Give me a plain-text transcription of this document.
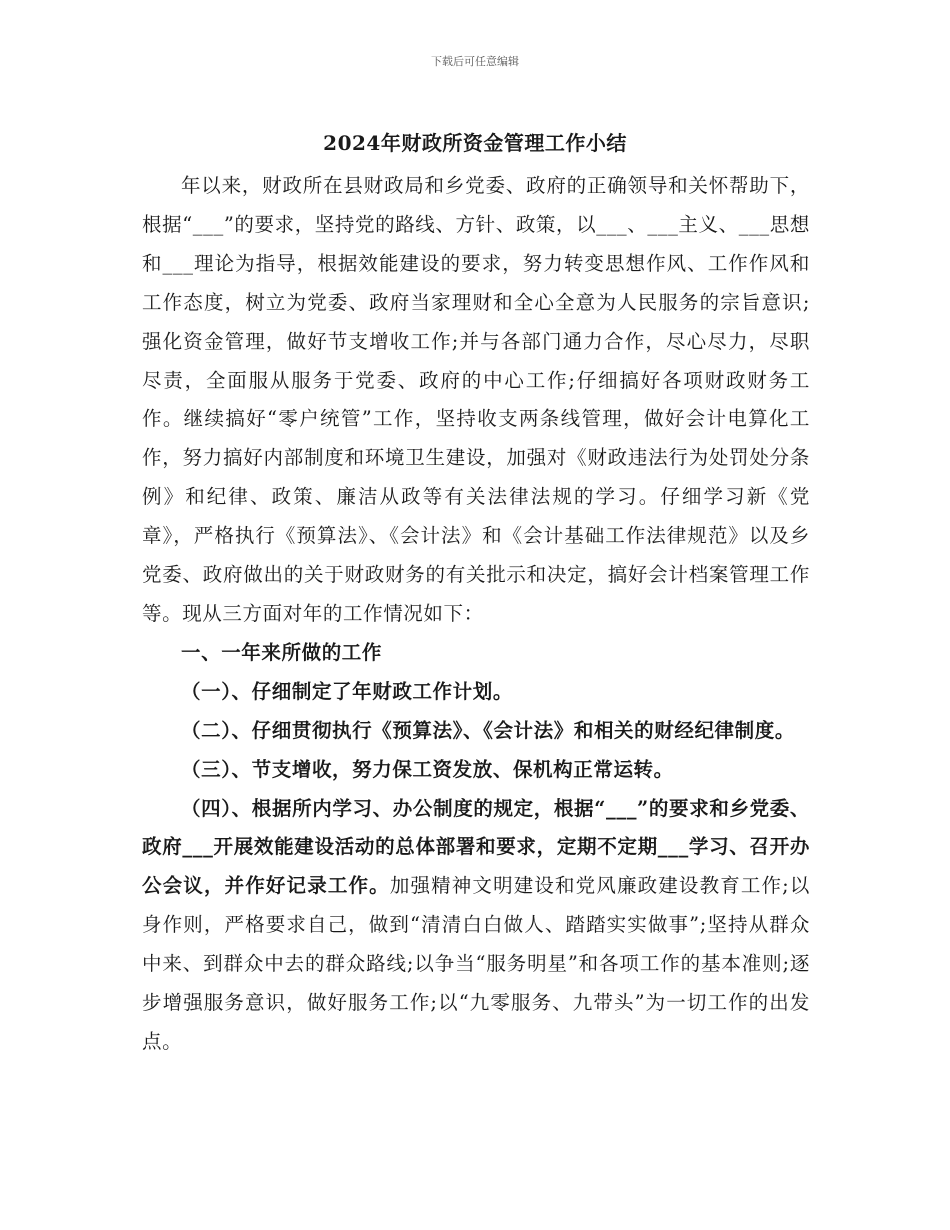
下载后可任意编辑
2024年财政所资金管理工作小结

年以来，财政所在县财政局和乡党委、政府的正确领导和关怀帮助下，根据“___”的要求，坚持党的路线、方针、政策，以___、___主义、___思想和___理论为指导，根据效能建设的要求，努力转变思想作风、工作作风和工作态度，树立为党委、政府当家理财和全心全意为人民服务的宗旨意识;强化资金管理，做好节支增收工作;并与各部门通力合作，尽心尽力，尽职尽责，全面服从服务于党委、政府的中心工作;仔细搞好各项财政财务工作。继续搞好“零户统管”工作，坚持收支两条线管理，做好会计电算化工作，努力搞好内部制度和环境卫生建设，加强对《财政违法行为处罚处分条例》和纪律、政策、廉洁从政等有关法律法规的学习。仔细学习新《党章》，严格执行《预算法》、《会计法》和《会计基础工作法律规范》以及乡党委、政府做出的关于财政财务的有关批示和决定，搞好会计档案管理工作等。现从三方面对年的工作情况如下：

一、一年来所做的工作

（一）、仔细制定了年财政工作计划。

（二）、仔细贯彻执行《预算法》、《会计法》和相关的财经纪律制度。

（三）、节支增收，努力保工资发放、保机构正常运转。

（四）、根据所内学习、办公制度的规定，根据“___”的要求和乡党委、政府___开展效能建设活动的总体部署和要求，定期不定期___学习、召开办公会议，并作好记录工作。加强精神文明建设和党风廉政建设教育工作;以身作则，严格要求自己，做到“清清白白做人、踏踏实实做事”;坚持从群众中来、到群众中去的群众路线;以争当“服务明星”和各项工作的基本准则;逐步增强服务意识，做好服务工作;以“九零服务、九带头”为一切工作的出发点。
